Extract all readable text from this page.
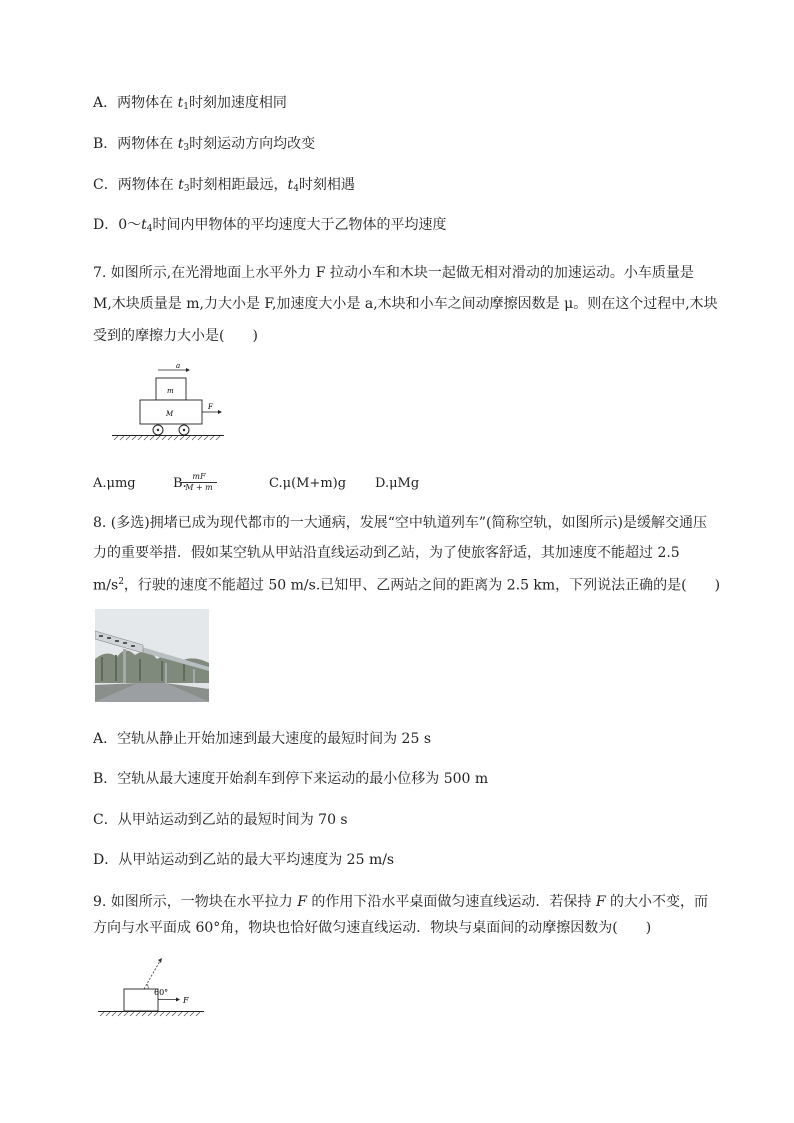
A．两物体在 $t_1$时刻加速度相同
B．两物体在 $t_3$时刻运动方向均改变
C．两物体在 $t_3$时刻相距最远，$t_4$时刻相遇
D．$0\sim t_4$时间内甲物体的平均速度大于乙物体的平均速度
7. 如图所示,在光滑地面上水平外力 F 拉动小车和木块一起做无相对滑动的加速运动。小车质量是
M,木块质量是 m,力大小是 F,加速度大小是 a,木块和小车之间动摩擦因数是 μ。则在这个过程中,木块
受到的摩擦力大小是(　　)
a
m
M
F
A.μmg	B.
$\frac{mF}{M + m}$	C.μ(M+m)g D.μMg
8. (多选)拥堵已成为现代都市的一大通病，发展“空中轨道列车”(简称空轨，如图所示)是缓解交通压
力的重要举措．假如某空轨从甲站沿直线运动到乙站，为了使旅客舒适，其加速度不能超过 2.5
$m/s^2$，行驶的速度不能超过 50 m/s.已知甲、乙两站之间的距离为 2.5 km，下列说法正确的是(　　)
A．空轨从静止开始加速到最大速度的最短时间为 25 s
B．空轨从最大速度开始刹车到停下来运动的最小位移为 500 m
C．从甲站运动到乙站的最短时间为 70 s
D．从甲站运动到乙站的最大平均速度为 25 m/s
9. 如图所示，一物块在水平拉力 F 的作用下沿水平桌面做匀速直线运动．若保持 F 的大小不变，而
方向与水平面成 60°角，物块也恰好做匀速直线运动．物块与桌面间的动摩擦因数为(　　)
60°
F
